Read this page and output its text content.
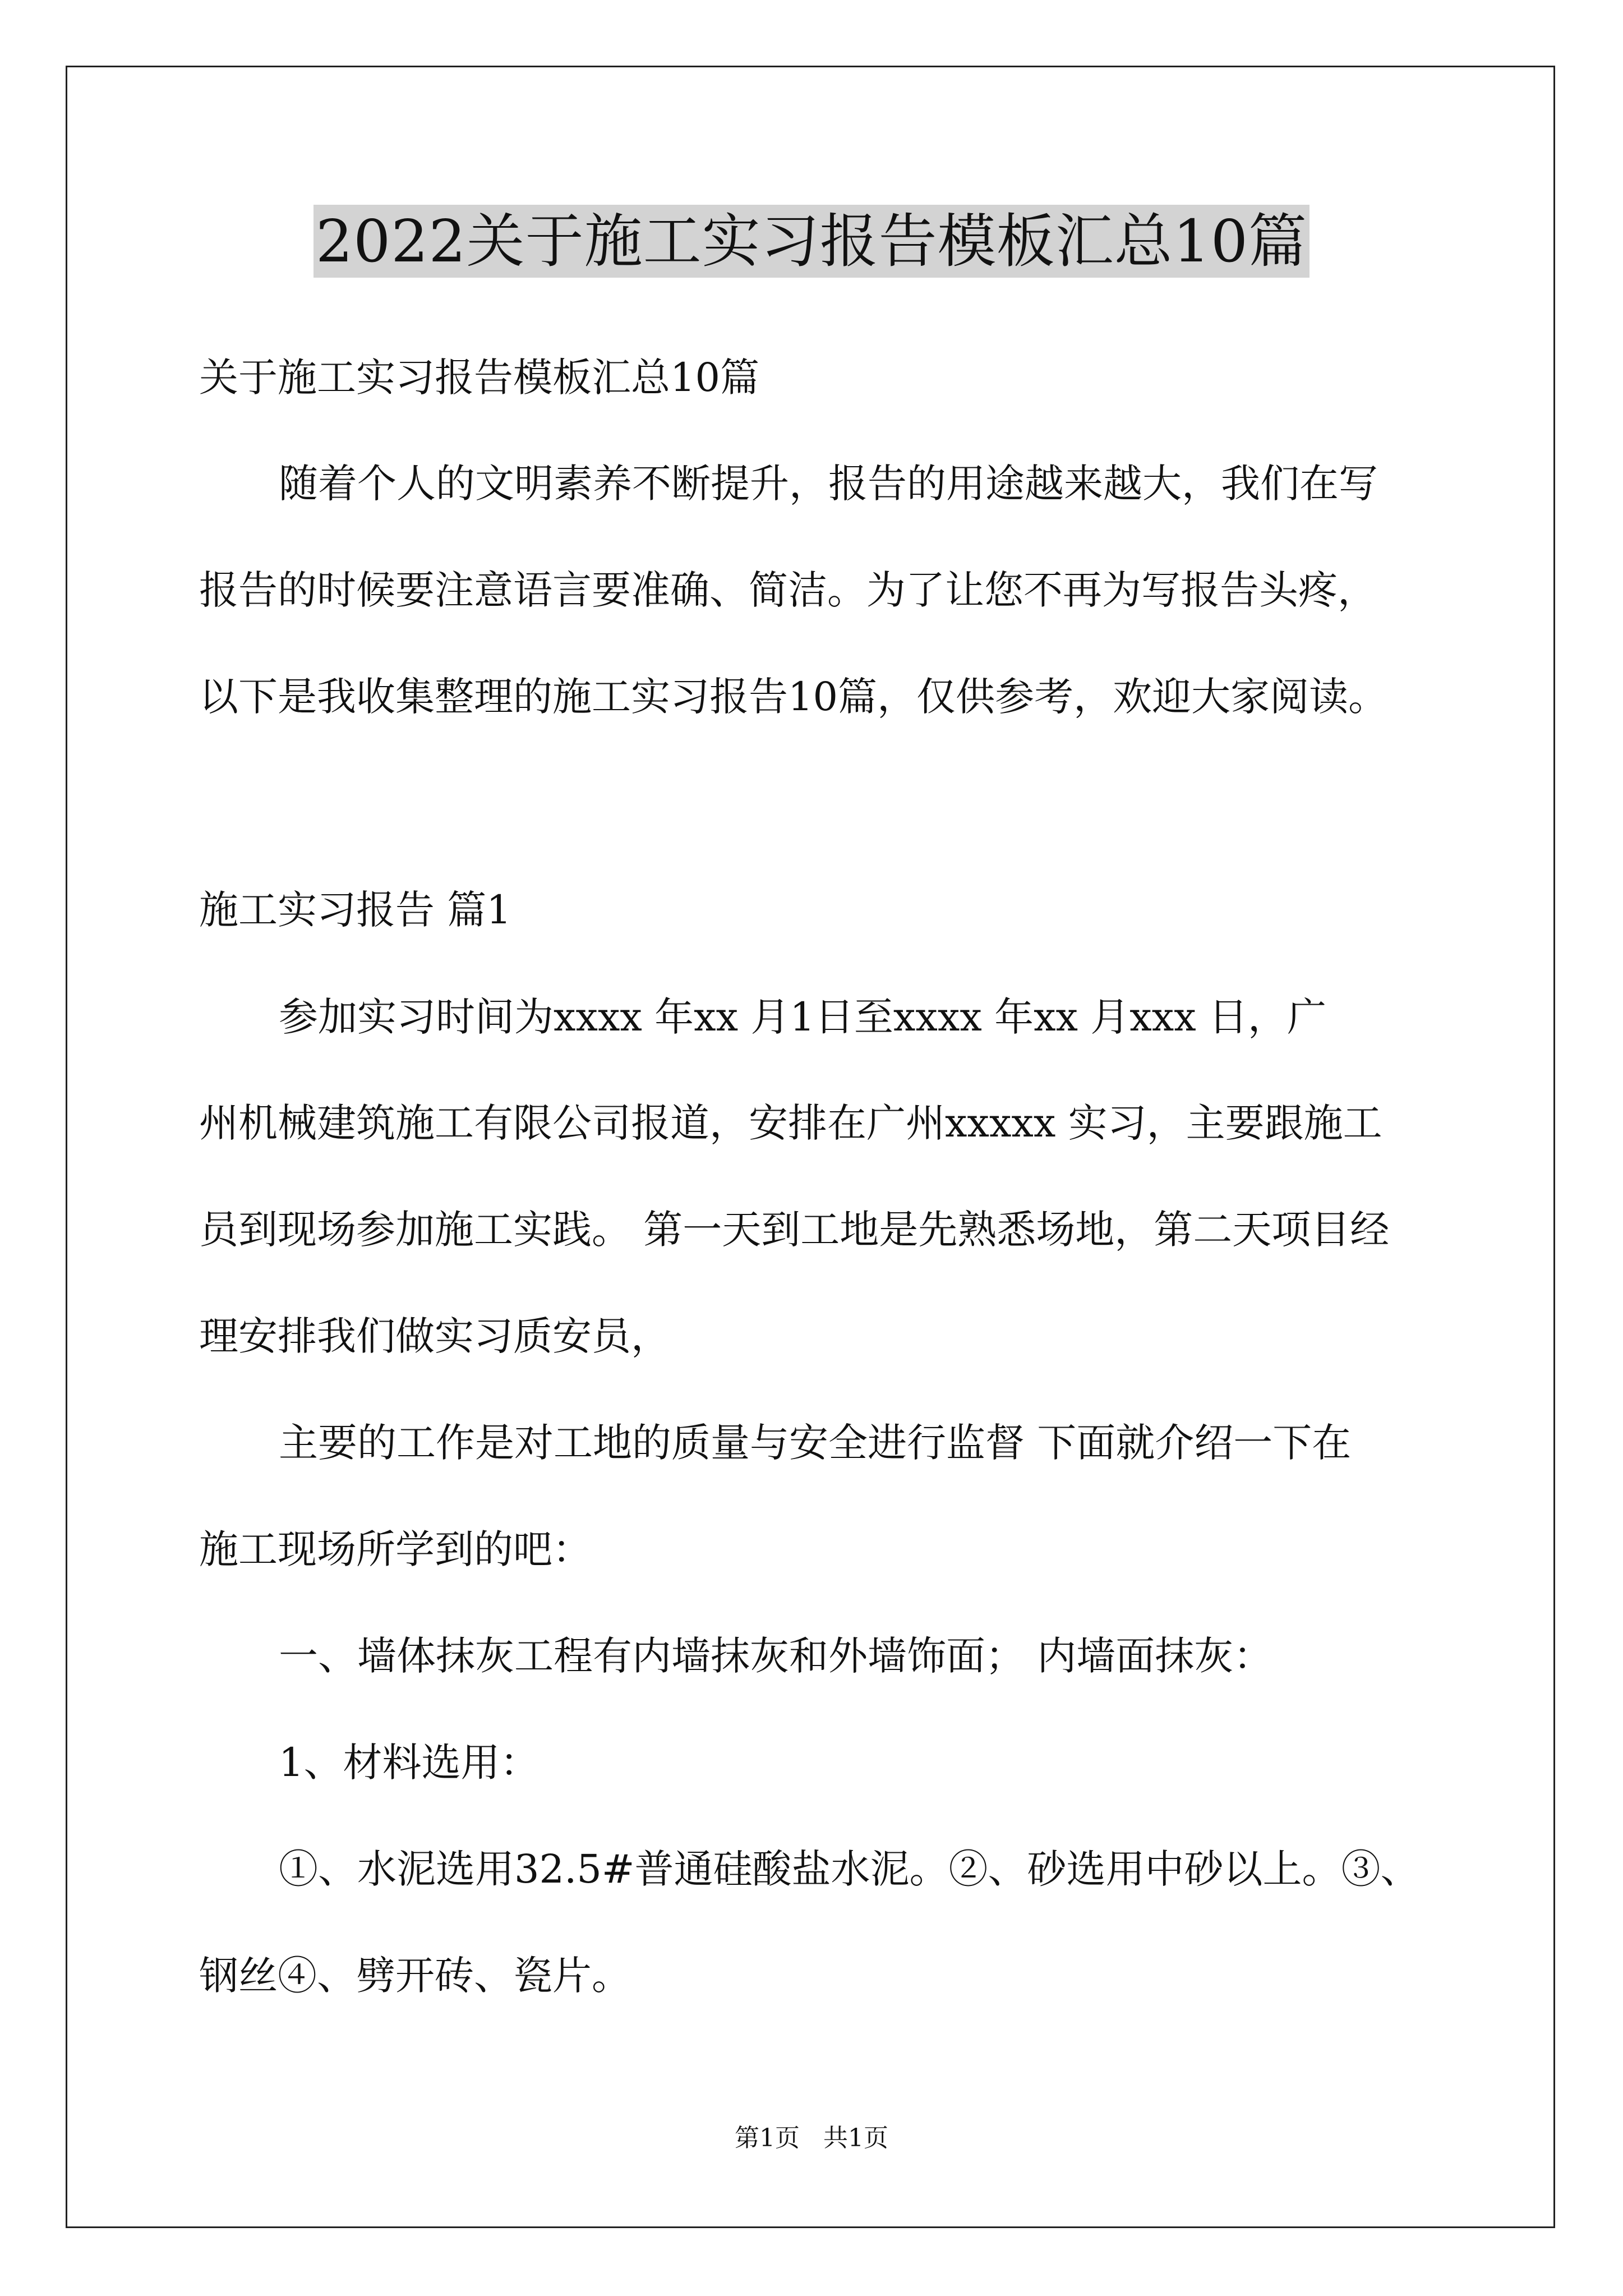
2022关于施工实习报告模板汇总10篇
关于施工实习报告模板汇总10篇
随着个人的文明素养不断提升，报告的用途越来越大，我们在写
报告的时候要注意语言要准确、简洁。为了让您不再为写报告头疼，
以下是我收集整理的施工实习报告10篇，仅供参考，欢迎大家阅读。
施工实习报告 篇1
参加实习时间为xxxx 年xx 月1日至xxxx 年xx 月xxx 日，广
州机械建筑施工有限公司报道，安排在广州xxxxx 实习，主要跟施工
员到现场参加施工实践。 第一天到工地是先熟悉场地，第二天项目经
理安排我们做实习质安员，
主要的工作是对工地的质量与安全进行监督 下面就介绍一下在
施工现场所学到的吧：
一、墙体抹灰工程有内墙抹灰和外墙饰面； 内墙面抹灰：
1、材料选用：
①、水泥选用32.5#普通硅酸盐水泥。②、砂选用中砂以上。③、
钢丝④、劈开砖、瓷片。
第1页   共1页
